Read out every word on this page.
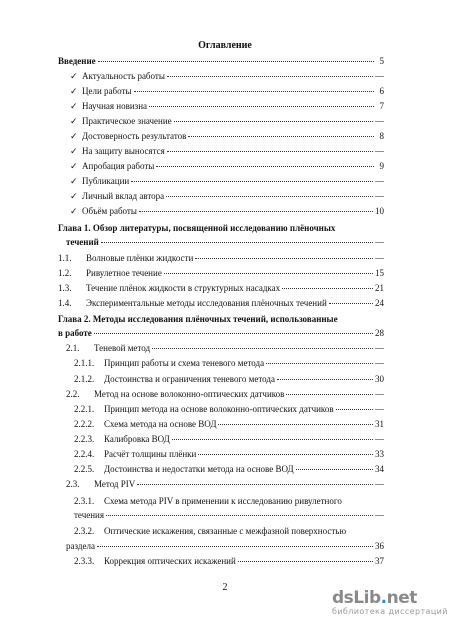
Оглавление
Введение	5
✓ Актуальность работы	—
✓ Цели работы	6
✓ Научная новизна	7
✓ Практическое значение	—
✓ Достоверность результатов	8
✓ На защиту выносятся	—
✓ Апробация работы	9
✓ Публикации	—
✓ Личный вклад автора	—
✓ Объём работы	10
Глава 1. Обзор литературы, посвященной исследованию плёночных
течений	—
1.1.	Волновые плёнки жидкости	—
1.2.	Ривулетное течение	15
1.3.	Течение плёнок жидкости в структурных насадках	21
1.4.	Экспериментальные методы исследования плёночных течений	24
Глава 2. Методы исследования плёночных течений, использованные
в работе	28
2.1.	Теневой метод	—
2.1.1.	Принцип работы и схема теневого метода	—
2.1.2.	Достоинства и ограничения теневого метода	30
2.2.	Метод на основе волоконно-оптических датчиков	—
2.2.1.	Принцип метода на основе волоконно-оптических датчиков	—
2.2.2.	Схема метода на основе ВОД	31
2.2.3.	Калибровка ВОД	—
2.2.4.	Расчёт толщины плёнки	33
2.2.5.	Достоинства и недостатки метода на основе ВОД	34
2.3.	Метод PIV	—
2.3.1. Схема метода PIV в применении к исследованию ривулетного
течения	—
2.3.2. Оптические искажения, связанные с межфазной поверхностью
раздела	36
2.3.3.	Коррекция оптических искажений	37
2
dsLib.net
библиотека диссертаций
